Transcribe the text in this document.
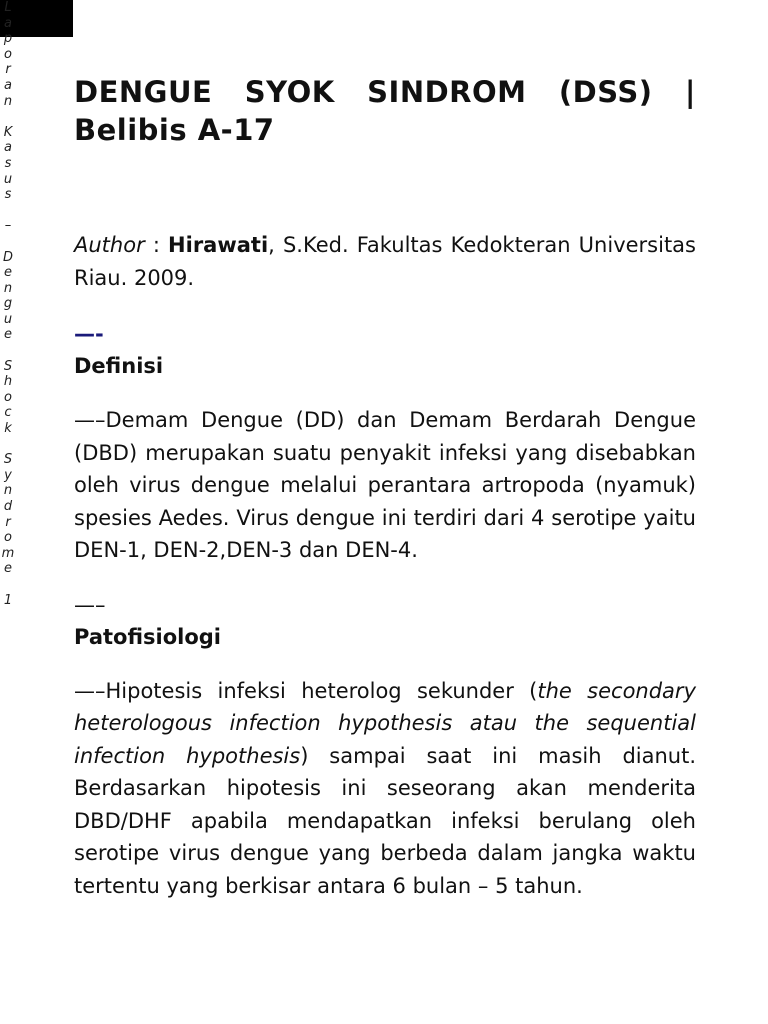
L
a
p
o
r
a
n

K
a
s
u
s

–

D
e
n
g
u
e

S
h
o
c
k

S
y
n
d
r
o
m
e

1
DENGUE SYOK SINDROM (DSS) |
Belibis A-17

Author : Hirawati, S.Ked. Fakultas Kedokteran Universitas Riau. 2009.

—-
Definisi

—–Demam Dengue (DD) dan Demam Berdarah Dengue (DBD) merupakan suatu penyakit infeksi yang disebabkan oleh virus dengue melalui perantara artropoda (nyamuk) spesies Aedes. Virus dengue ini terdiri dari 4 serotipe yaitu DEN-1, DEN-2,DEN-3 dan DEN-4.

—–
Patofisiologi

—–Hipotesis infeksi heterolog sekunder (the secondary heterologous infection hypothesis atau the sequential infection hypothesis) sampai saat ini masih dianut. Berdasarkan hipotesis ini seseorang akan menderita DBD/DHF apabila mendapatkan infeksi berulang oleh serotipe virus dengue yang berbeda dalam jangka waktu tertentu yang berkisar antara 6 bulan – 5 tahun.
